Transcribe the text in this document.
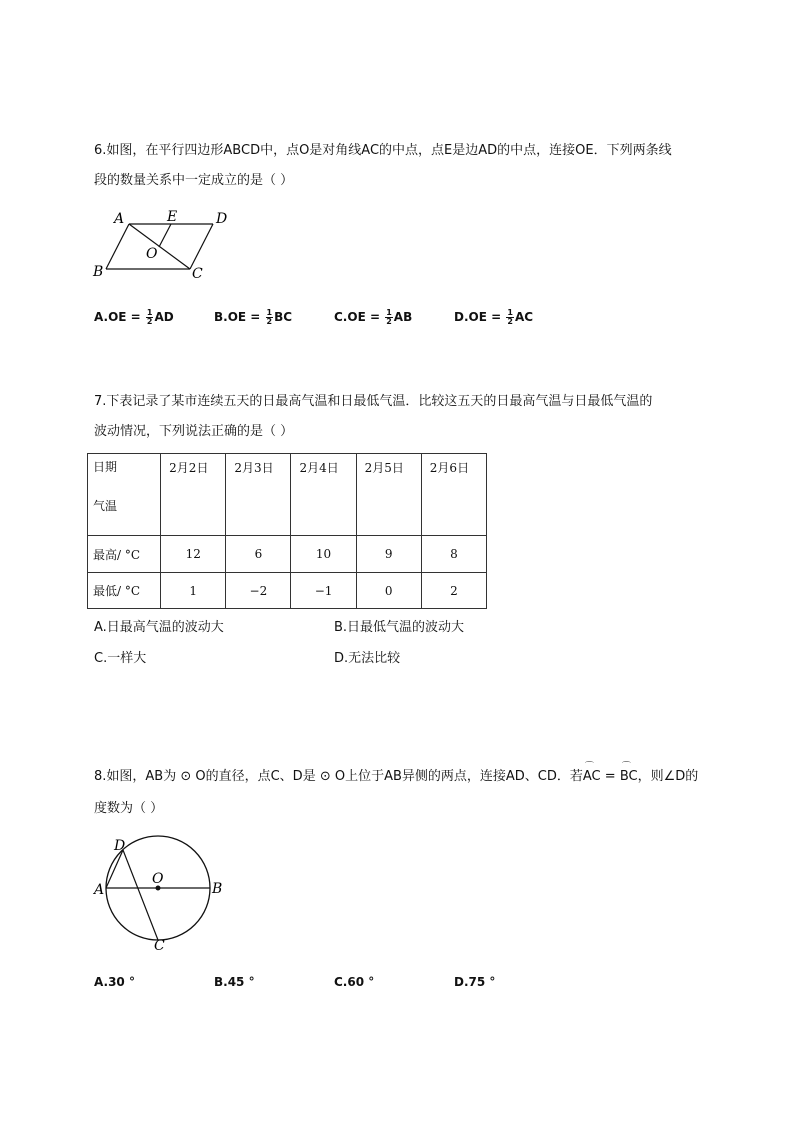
6.如图，在平行四边形ABCD中，点O是对角线AC的中点，点E是边AD的中点，连接OE．下列两条线
段的数量关系中一定成立的是（ ）
A	E	D
O
B	C
$A.OE = \frac{1}{2}$ AD	$B.OE = \frac{1}{2}$ BC	$C.OE = \frac{1}{2}$ AB	$D.OE = \frac{1}{2}$ AC
7.下表记录了某市连续五天的日最高气温和日最低气温．比较这五天的日最高气温与日最低气温的
波动情况，下列说法正确的是（ ）
日期
气温	2月2日	2月3日	2月4日	2月5日	2月6日

最高/ °C	12	6	10	9	8
最低/ °C	1	−2	−1	0	2
A.日最高气温的波动大	B.日最低气温的波动大
C.一样大	D.无法比较
8.如图，AB为 ⊙ O的直径，点C、D是 ⊙ O上位于AB异侧的两点，连接AD、CD．若⌒ AC = ⌒ BC，则∠D的
度数为（ ）
D
O
A	B
C
A.30 °	B.45 °	C.60 °	D.75 °
